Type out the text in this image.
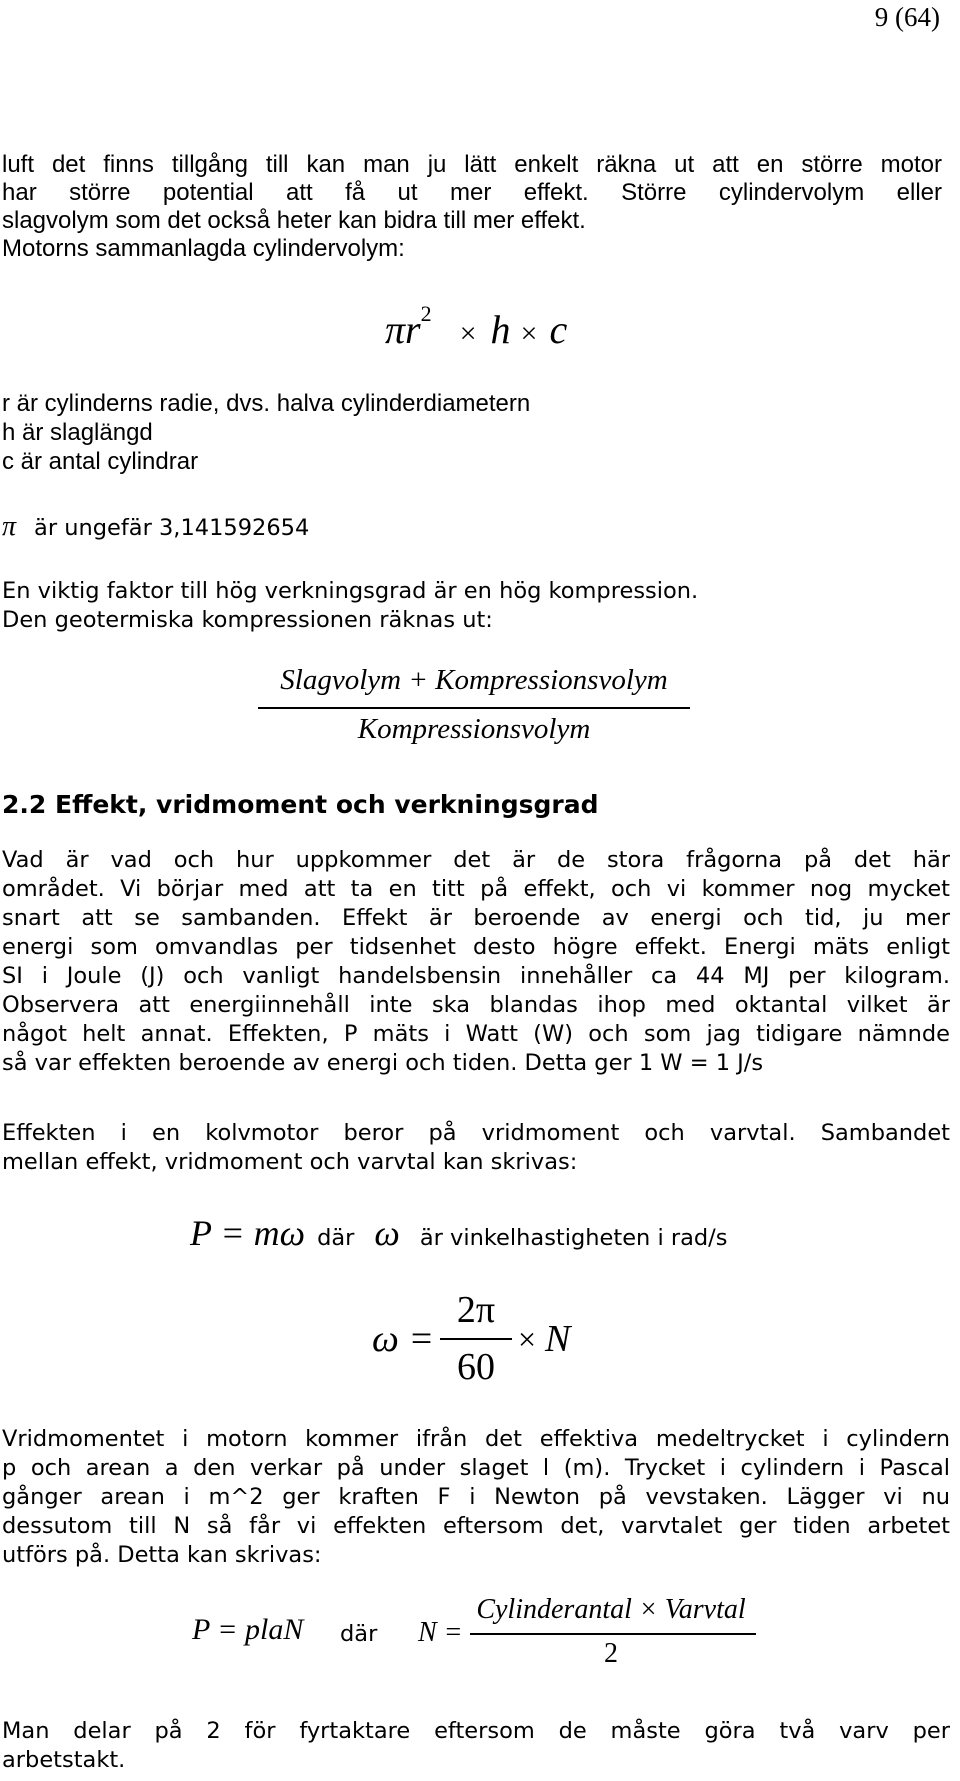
9 (64)
luft det finns tillgång till kan man ju lätt enkelt räkna ut att en större motor
har större potential att få ut mer effekt. Större cylindervolym eller
slagvolym som det också heter kan bidra till mer effekt.
Motorns sammanlagda cylindervolym:
$\pi r^2 \times h \times c$
r är cylinderns radie, dvs. halva cylinderdiametern
h är slaglängd
c är antal cylindrar
π är ungefär 3,141592654
En viktig faktor till hög verkningsgrad är en hög kompression.
Den geotermiska kompressionen räknas ut:
Slagvolym + Kompressionsvolym
Kompressionsvolym
2.2 Effekt, vridmoment och verkningsgrad
Vad är vad och hur uppkommer det är de stora frågorna på det här
området. Vi börjar med att ta en titt på effekt, och vi kommer nog mycket
snart att se sambanden. Effekt är beroende av energi och tid, ju mer
energi som omvandlas per tidsenhet desto högre effekt. Energi mäts enligt
SI i Joule (J) och vanligt handelsbensin innehåller ca 44 MJ per kilogram.
Observera att energiinnehåll inte ska blandas ihop med oktantal vilket är
något helt annat. Effekten, P mäts i Watt (W) och som jag tidigare nämnde
så var effekten beroende av energi och tiden. Detta ger 1 W = 1 J/s
Effekten i en kolvmotor beror på vridmoment och varvtal. Sambandet
mellan effekt, vridmoment och varvtal kan skrivas:
P = mω där ω är vinkelhastigheten i rad/s
ω =
2π
60
× N
Vridmomentet i motorn kommer ifrån det effektiva medeltrycket i cylindern
p och arean a den verkar på under slaget l (m). Trycket i cylindern i Pascal
gånger arean i m^2 ger kraften F i Newton på vevstaken. Lägger vi nu
dessutom till N så får vi effekten eftersom det, varvtalet ger tiden arbetet
utförs på. Detta kan skrivas:
P = plaN där N =
Cylinderantal × Varvtal
2
Man delar på 2 för fyrtaktare eftersom de måste göra två varv per
arbetstakt.
